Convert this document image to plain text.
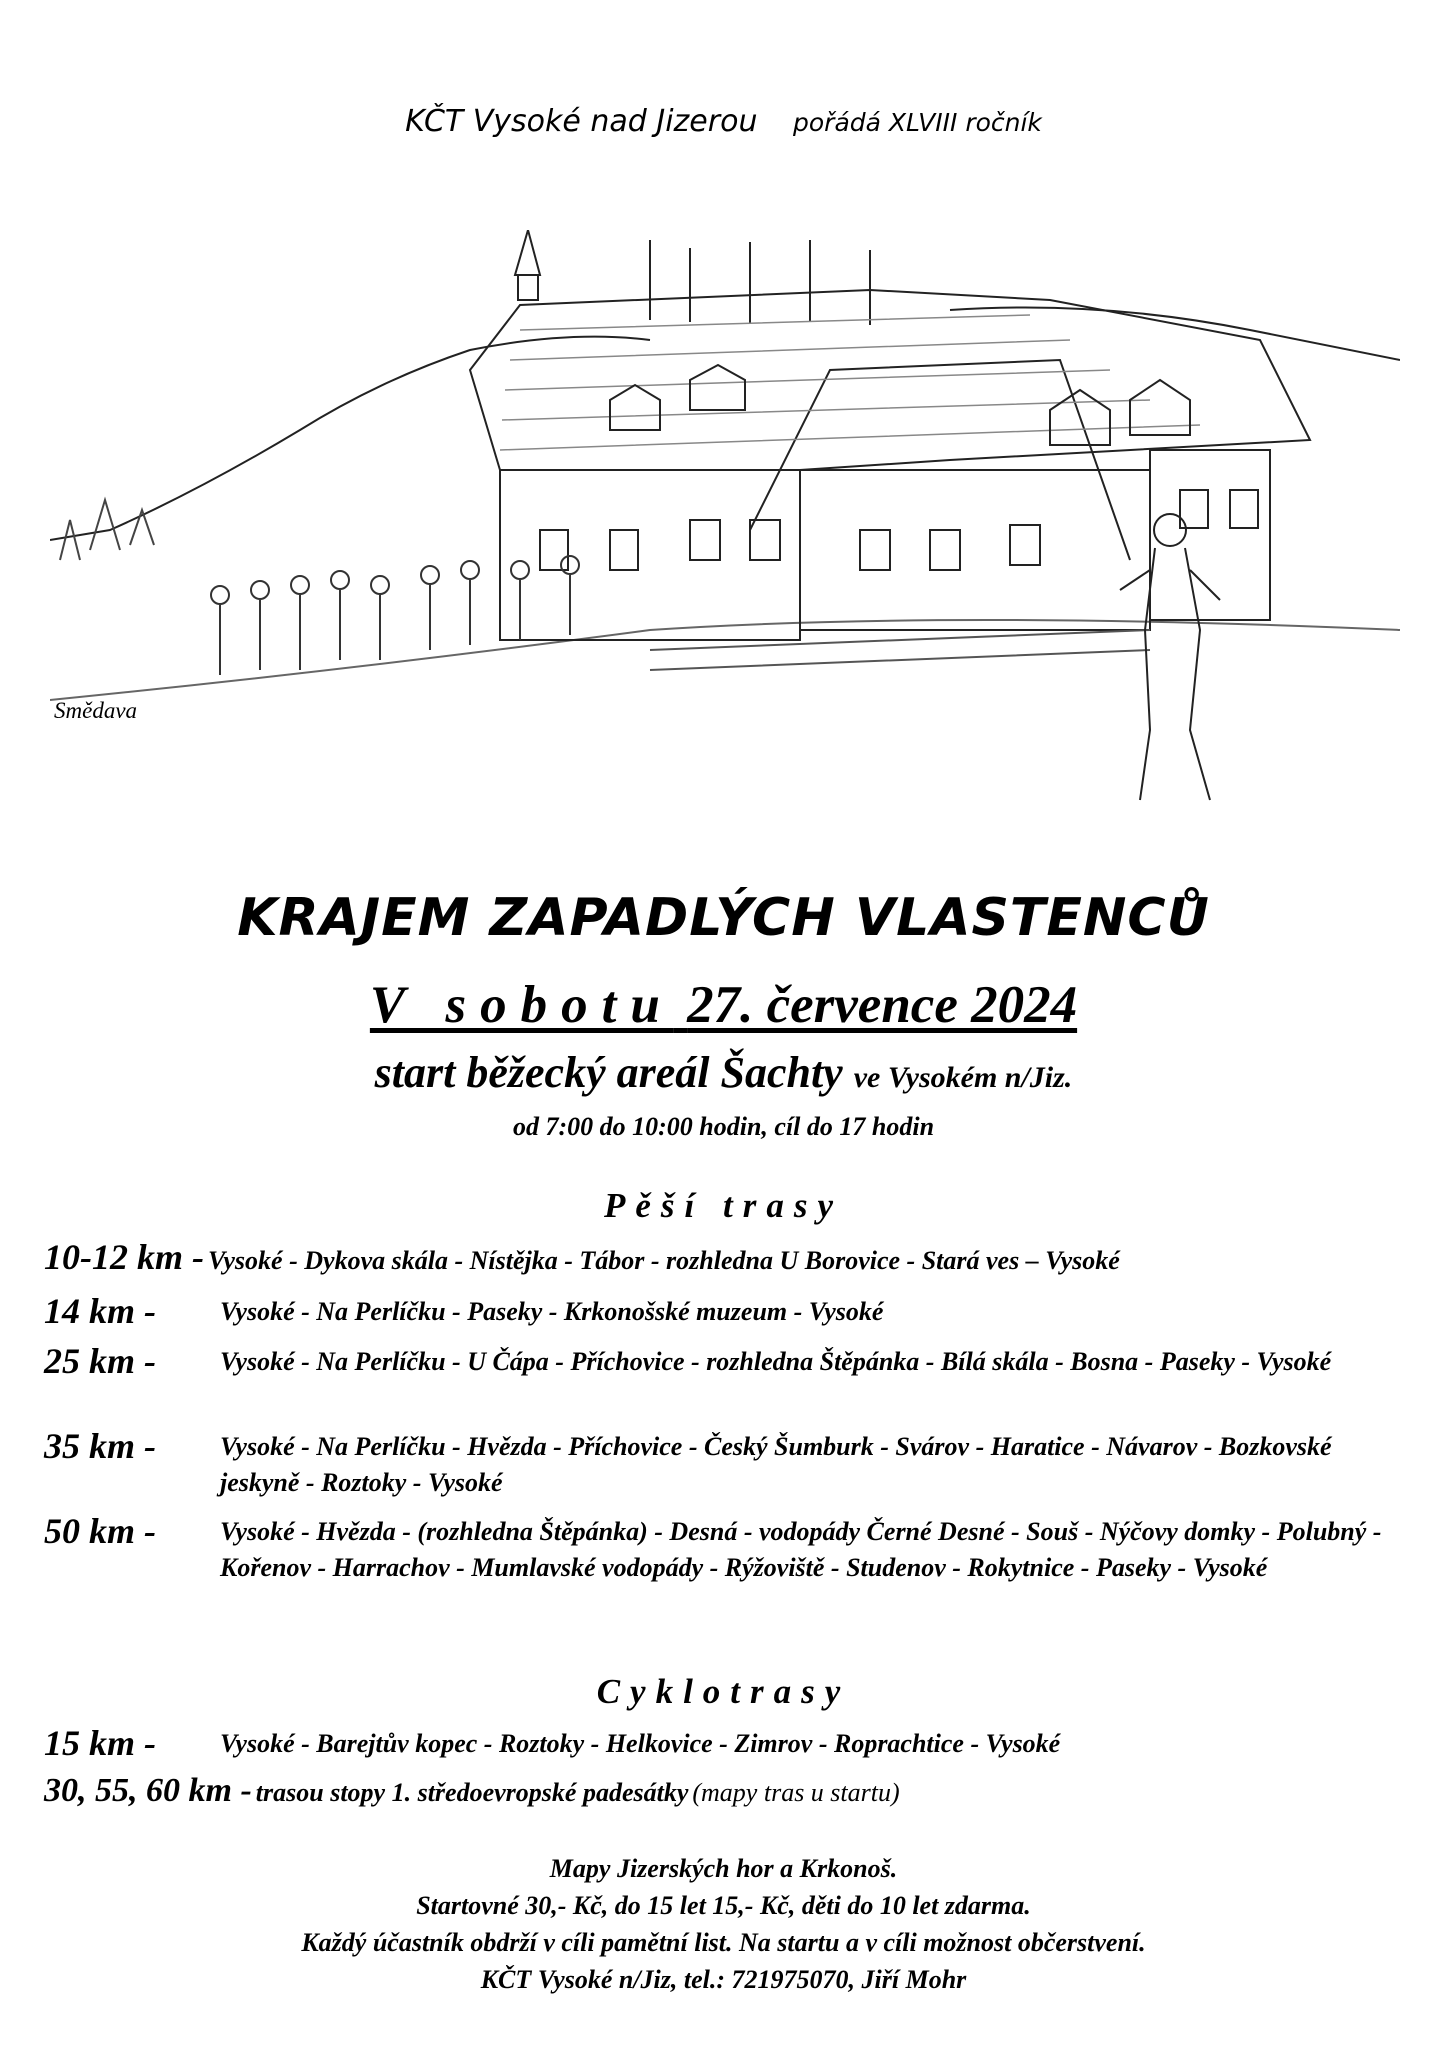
KČT Vysoké nad Jizerou pořádá XLVIII ročník
Smědava
KRAJEM ZAPADLÝCH VLASTENCŮ
V sobotu 27. července 2024
start běžecký areál Šachty ve Vysokém n/Jiz.
od 7:00 do 10:00 hodin, cíl do 17 hodin
Pěší trasy
10-12 km - Vysoké - Dykova skála - Nístějka - Tábor - rozhledna U Borovice - Stará ves – Vysoké
14 km -	Vysoké - Na Perlíčku - Paseky - Krkonošské muzeum - Vysoké
25 km -	Vysoké - Na Perlíčku - U Čápa - Příchovice - rozhledna Štěpánka - Bílá skála - Bosna - Paseky - Vysoké
35 km -	Vysoké - Na Perlíčku - Hvězda - Příchovice - Český Šumburk - Svárov - Haratice - Návarov - Bozkovské jeskyně - Roztoky - Vysoké
50 km -	Vysoké - Hvězda - (rozhledna Štěpánka) - Desná - vodopády Černé Desné - Souš - Nýčovy domky - Polubný - Kořenov - Harrachov - Mumlavské vodopády - Rýžoviště - Studenov - Rokytnice - Paseky - Vysoké
Cyklotrasy
15 km -	Vysoké - Barejtův kopec - Roztoky - Helkovice - Zimrov - Roprachtice - Vysoké
30, 55, 60 km - trasou stopy 1. středoevropské padesátky (mapy tras u startu)
Mapy Jizerských hor a Krkonoš.
Startovné 30,- Kč, do 15 let 15,- Kč, děti do 10 let zdarma.
Každý účastník obdrží v cíli pamětní list. Na startu a v cíli možnost občerstvení.
KČT Vysoké n/Jiz, tel.: 721975070, Jiří Mohr
